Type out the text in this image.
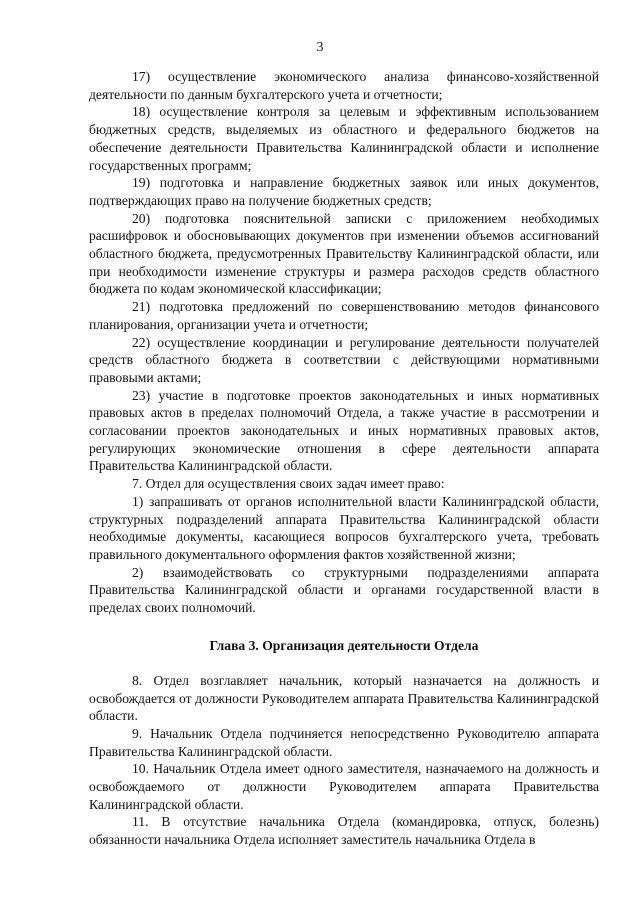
3

17) осуществление экономического анализа финансово-хозяйственной деятельности по данным бухгалтерского учета и отчетности;

18) осуществление контроля за целевым и эффективным использованием бюджетных средств, выделяемых из областного и федерального бюджетов на обеспечение деятельности Правительства Калининградской области и исполнение государственных программ;

19) подготовка и направление бюджетных заявок или иных документов, подтверждающих право на получение бюджетных средств;

20) подготовка пояснительной записки с приложением необходимых расшифровок и обосновывающих документов при изменении объемов ассигнований областного бюджета, предусмотренных Правительству Калининградской области, или при необходимости изменение структуры и размера расходов средств областного бюджета по кодам экономической классификации;

21) подготовка предложений по совершенствованию методов финансового планирования, организации учета и отчетности;

22) осуществление координации и регулирование деятельности получателей средств областного бюджета в соответствии с действующими нормативными правовыми актами;

23) участие в подготовке проектов законодательных и иных нормативных правовых актов в пределах полномочий Отдела, а также участие в рассмотрении и согласовании проектов законодательных и иных нормативных правовых актов, регулирующих экономические отношения в сфере деятельности аппарата Правительства Калининградской области.

7. Отдел для осуществления своих задач имеет право:

1) запрашивать от органов исполнительной власти Калининградской области, структурных подразделений аппарата Правительства Калининградской области необходимые документы, касающиеся вопросов бухгалтерского учета, требовать правильного документального оформления фактов хозяйственной жизни;

2) взаимодействовать со структурными подразделениями аппарата Правительства Калининградской области и органами государственной власти в пределах своих полномочий.

Глава 3. Организация деятельности Отдела

8. Отдел возглавляет начальник, который назначается на должность и освобождается от должности Руководителем аппарата Правительства Калининградской области.

9. Начальник Отдела подчиняется непосредственно Руководителю аппарата Правительства Калининградской области.

10. Начальник Отдела имеет одного заместителя, назначаемого на должность и освобождаемого от должности Руководителем аппарата Правительства Калининградской области.

11. В отсутствие начальника Отдела (командировка, отпуск, болезнь) обязанности начальника Отдела исполняет заместитель начальника Отдела в
